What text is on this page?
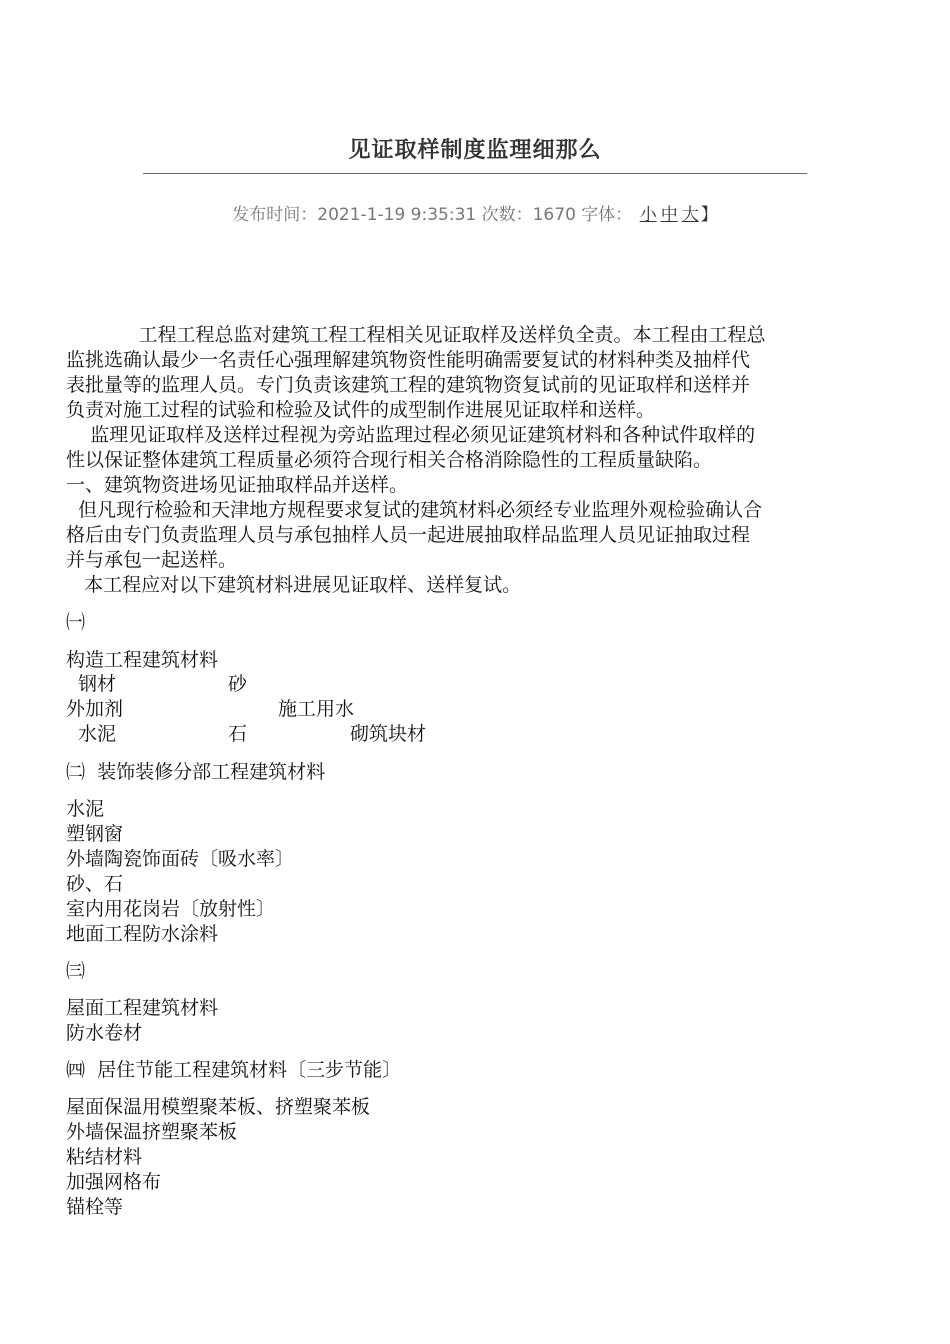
见证取样制度监理细那么
发布时间：2021-1-19 9:35:31 次数：1670 字体： 小 中 大 】
工程工程总监对建筑工程工程相关见证取样及送样负全责。本工程由工程总
监挑选确认最少一名责任心强理解建筑物资性能明确需要复试的材料种类及抽样代
表批量等的监理人员。专门负责该建筑工程的建筑物资复试前的见证取样和送样并
负责对施工过程的试验和检验及试件的成型制作进展见证取样和送样。
监理见证取样及送样过程视为旁站监理过程必须见证建筑材料和各种试件取样的
性以保证整体建筑工程质量必须符合现行相关合格消除隐性的工程质量缺陷。
一、建筑物资进场见证抽取样品并送样。
但凡现行检验和天津地方规程要求复试的建筑材料必须经专业监理外观检验确认合
格后由专门负责监理人员与承包抽样人员一起进展抽取样品监理人员见证抽取过程
并与承包一起送样。
本工程应对以下建筑材料进展见证取样、送样复试。
㈠
构造工程建筑材料
钢材	砂
外加剂	施工用水
水泥	石	砌筑块材
㈡  装饰装修分部工程建筑材料
水泥
塑钢窗
外墙陶瓷饰面砖〔吸水率〕
砂、石
室内用花岗岩〔放射性〕
地面工程防水涂料
㈢
屋面工程建筑材料
防水卷材
㈣  居住节能工程建筑材料〔三步节能〕
屋面保温用模塑聚苯板、挤塑聚苯板
外墙保温挤塑聚苯板
粘结材料
加强网格布
锚栓等
